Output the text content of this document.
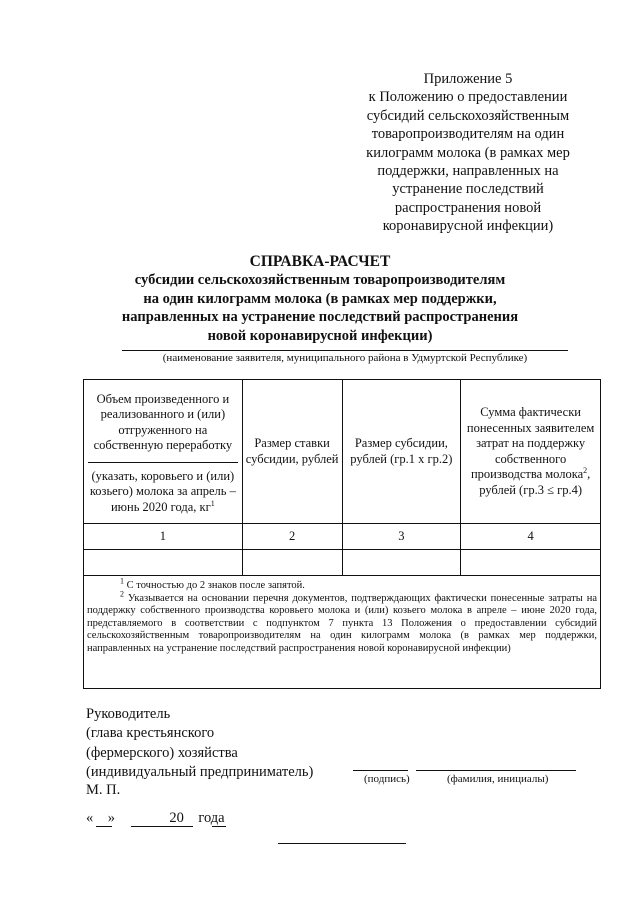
Приложение 5
к Положению о предоставлении
субсидий сельскохозяйственным
товаропроизводителям на один
килограмм молока (в рамках мер
поддержки, направленных на
устранение последствий
распространения новой
коронавирусной инфекции)
СПРАВКА-РАСЧЕТ
субсидии сельскохозяйственным товаропроизводителям
на один килограмм молока (в рамках мер поддержки,
направленных на устранение последствий распространения
новой коронавирусной инфекции)
(наименование заявителя, муниципального района в Удмуртской Республике)
Объем произведенного и реализованного и (или) отгруженного на собственную переработку
(указать, коровьего и (или) козьего) молока за апрель – июнь 2020 года, $кг^1$	Размер ставки субсидии, рублей	Размер субсидии, рублей (гр.1 х гр.2)	Сумма фактически понесенных заявителем затрат на поддержку собственного производства молока$^2$, рублей (гр.3 ≤ гр.4)
1	2	3	4

$^1$ С точностью до 2 знаков после запятой.

$^2$ Указывается на основании перечня документов, подтверждающих фактически понесенные затраты на поддержку собственного производства коровьего молока и (или) козьего молока в апреле – июне 2020 года, представляемого в соответствии с подпунктом 7 пункта 13 Положения о предоставлении субсидий сельскохозяйственным товаропроизводителям на один килограмм молока (в рамках мер поддержки, направленных на устранение последствий распространения новой коронавирусной инфекции)

Руководитель
(глава крестьянского
(фермерского) хозяйства
(индивидуальный предприниматель)	(подпись)	(фамилия, инициалы)
М. П.
« »	20 года
